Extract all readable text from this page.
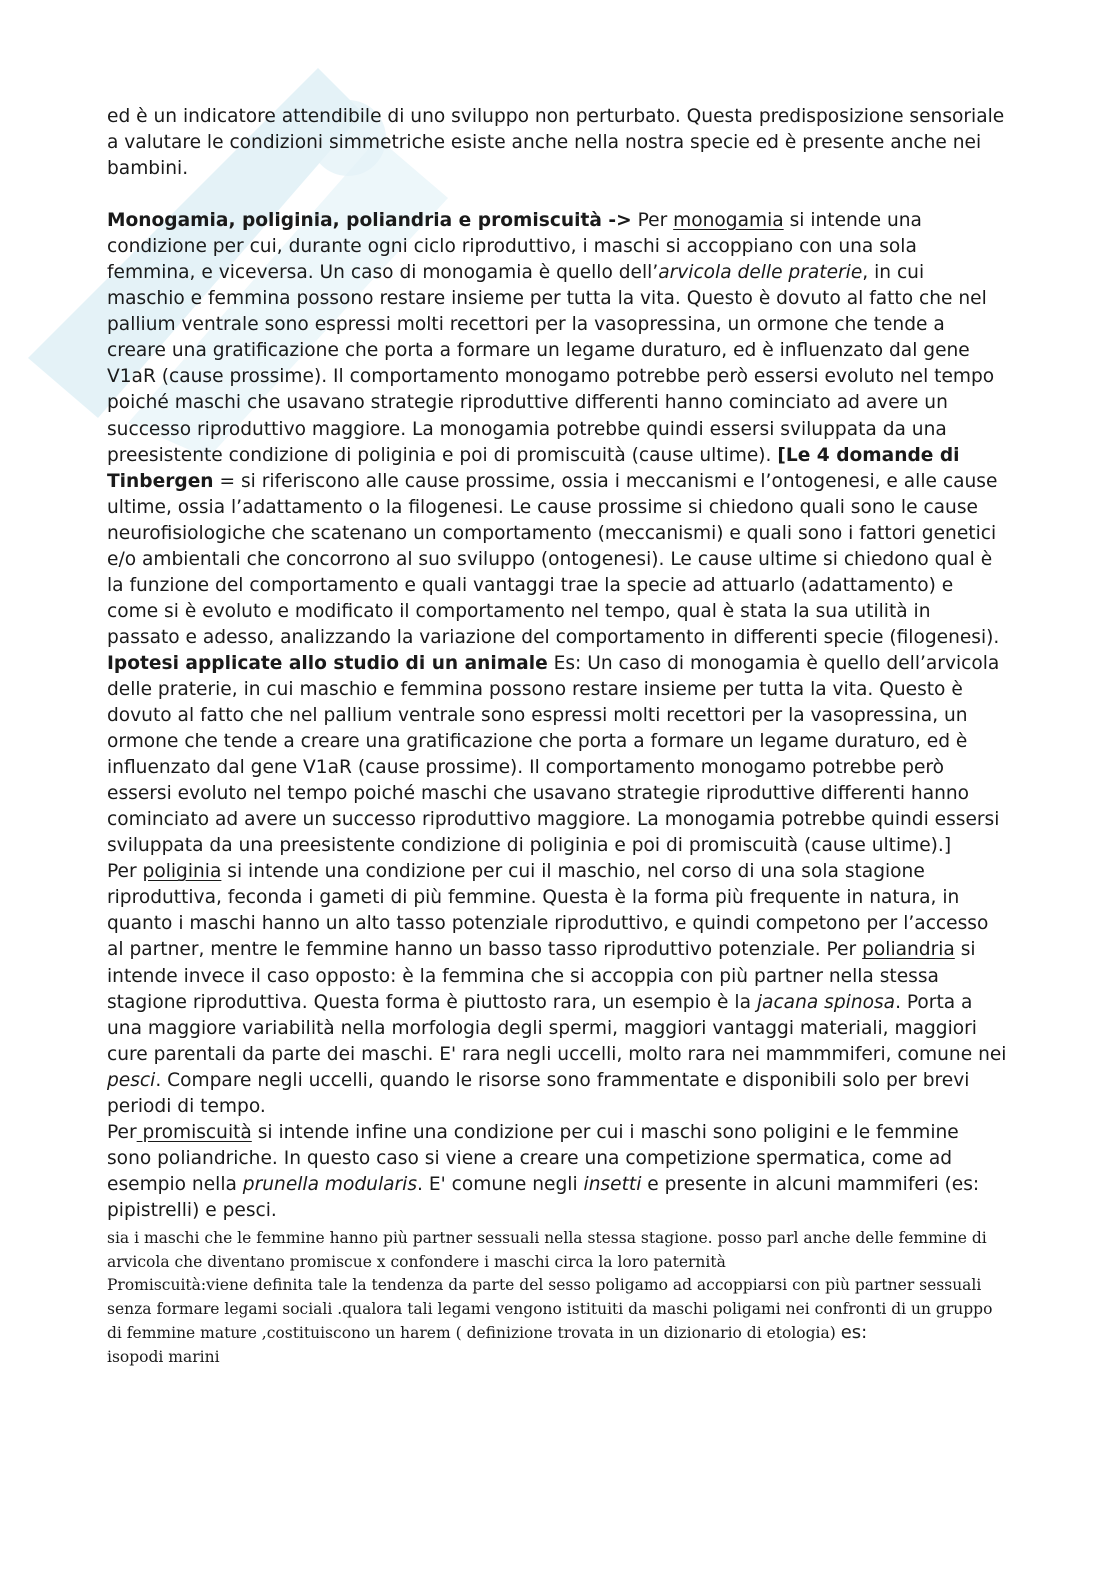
ed è un indicatore attendibile di uno sviluppo non perturbato. Questa predisposizione sensoriale a valutare le condizioni simmetriche esiste anche nella nostra specie ed è presente anche nei bambini.

Monogamia, poliginia, poliandria e promiscuità -> Per monogamia si intende una condizione per cui, durante ogni ciclo riproduttivo, i maschi si accoppiano con una sola femmina, e viceversa. Un caso di monogamia è quello dell’arvicola delle praterie, in cui maschio e femmina possono restare insieme per tutta la vita. Questo è dovuto al fatto che nel pallium ventrale sono espressi molti recettori per la vasopressina, un ormone che tende a creare una gratificazione che porta a formare un legame duraturo, ed è influenzato dal gene V1aR (cause prossime). Il comportamento monogamo potrebbe però essersi evoluto nel tempo poiché maschi che usavano strategie riproduttive differenti hanno cominciato ad avere un successo riproduttivo maggiore. La monogamia potrebbe quindi essersi sviluppata da una preesistente condizione di poliginia e poi di promiscuità (cause ultime). [Le 4 domande di Tinbergen = si riferiscono alle cause prossime, ossia i meccanismi e l’ontogenesi, e alle cause ultime, ossia l’adattamento o la filogenesi. Le cause prossime si chiedono quali sono le cause neurofisiologiche che scatenano un comportamento (meccanismi) e quali sono i fattori genetici e/o ambientali che concorrono al suo sviluppo (ontogenesi). Le cause ultime si chiedono qual è la funzione del comportamento e quali vantaggi trae la specie ad attuarlo (adattamento) e come si è evoluto e modificato il comportamento nel tempo, qual è stata la sua utilità in passato e adesso, analizzando la variazione del comportamento in differenti specie (filogenesi).
Ipotesi applicate allo studio di un animale Es: Un caso di monogamia è quello dell’arvicola delle praterie, in cui maschio e femmina possono restare insieme per tutta la vita. Questo è dovuto al fatto che nel pallium ventrale sono espressi molti recettori per la vasopressina, un ormone che tende a creare una gratificazione che porta a formare un legame duraturo, ed è influenzato dal gene V1aR (cause prossime). Il comportamento monogamo potrebbe però essersi evoluto nel tempo poiché maschi che usavano strategie riproduttive differenti hanno cominciato ad avere un successo riproduttivo maggiore. La monogamia potrebbe quindi essersi sviluppata da una preesistente condizione di poliginia e poi di promiscuità (cause ultime).]

Per poliginia si intende una condizione per cui il maschio, nel corso di una sola stagione riproduttiva, feconda i gameti di più femmine. Questa è la forma più frequente in natura, in quanto i maschi hanno un alto tasso potenziale riproduttivo, e quindi competono per l’accesso al partner, mentre le femmine hanno un basso tasso riproduttivo potenziale. Per poliandria si intende invece il caso opposto: è la femmina che si accoppia con più partner nella stessa stagione riproduttiva. Questa forma è piuttosto rara, un esempio è la jacana spinosa. Porta a una maggiore variabilità nella morfologia degli spermi, maggiori vantaggi materiali, maggiori cure parentali da parte dei maschi. E' rara negli uccelli, molto rara nei mammmiferi, comune nei pesci. Compare negli uccelli, quando le risorse sono frammentate e disponibili solo per brevi periodi di tempo.

Per promiscuità si intende infine una condizione per cui i maschi sono poligini e le femmine sono poliandriche. In questo caso si viene a creare una competizione spermatica, come ad esempio nella prunella modularis. E' comune negli insetti e presente in alcuni mammiferi (es: pipistrelli) e pesci.

sia i maschi che le femmine hanno più partner sessuali nella stessa stagione. posso parl anche delle femmine di arvicola che diventano promiscue x confondere i maschi circa la loro paternità

Promiscuità:viene definita tale la tendenza da parte del sesso poligamo ad accoppiarsi con più partner sessuali senza formare legami sociali .qualora tali legami vengono istituiti da maschi poligami nei confronti di un gruppo di femmine mature ,costituiscono un harem ( definizione trovata in un dizionario di etologia) es:
isopodi marini
